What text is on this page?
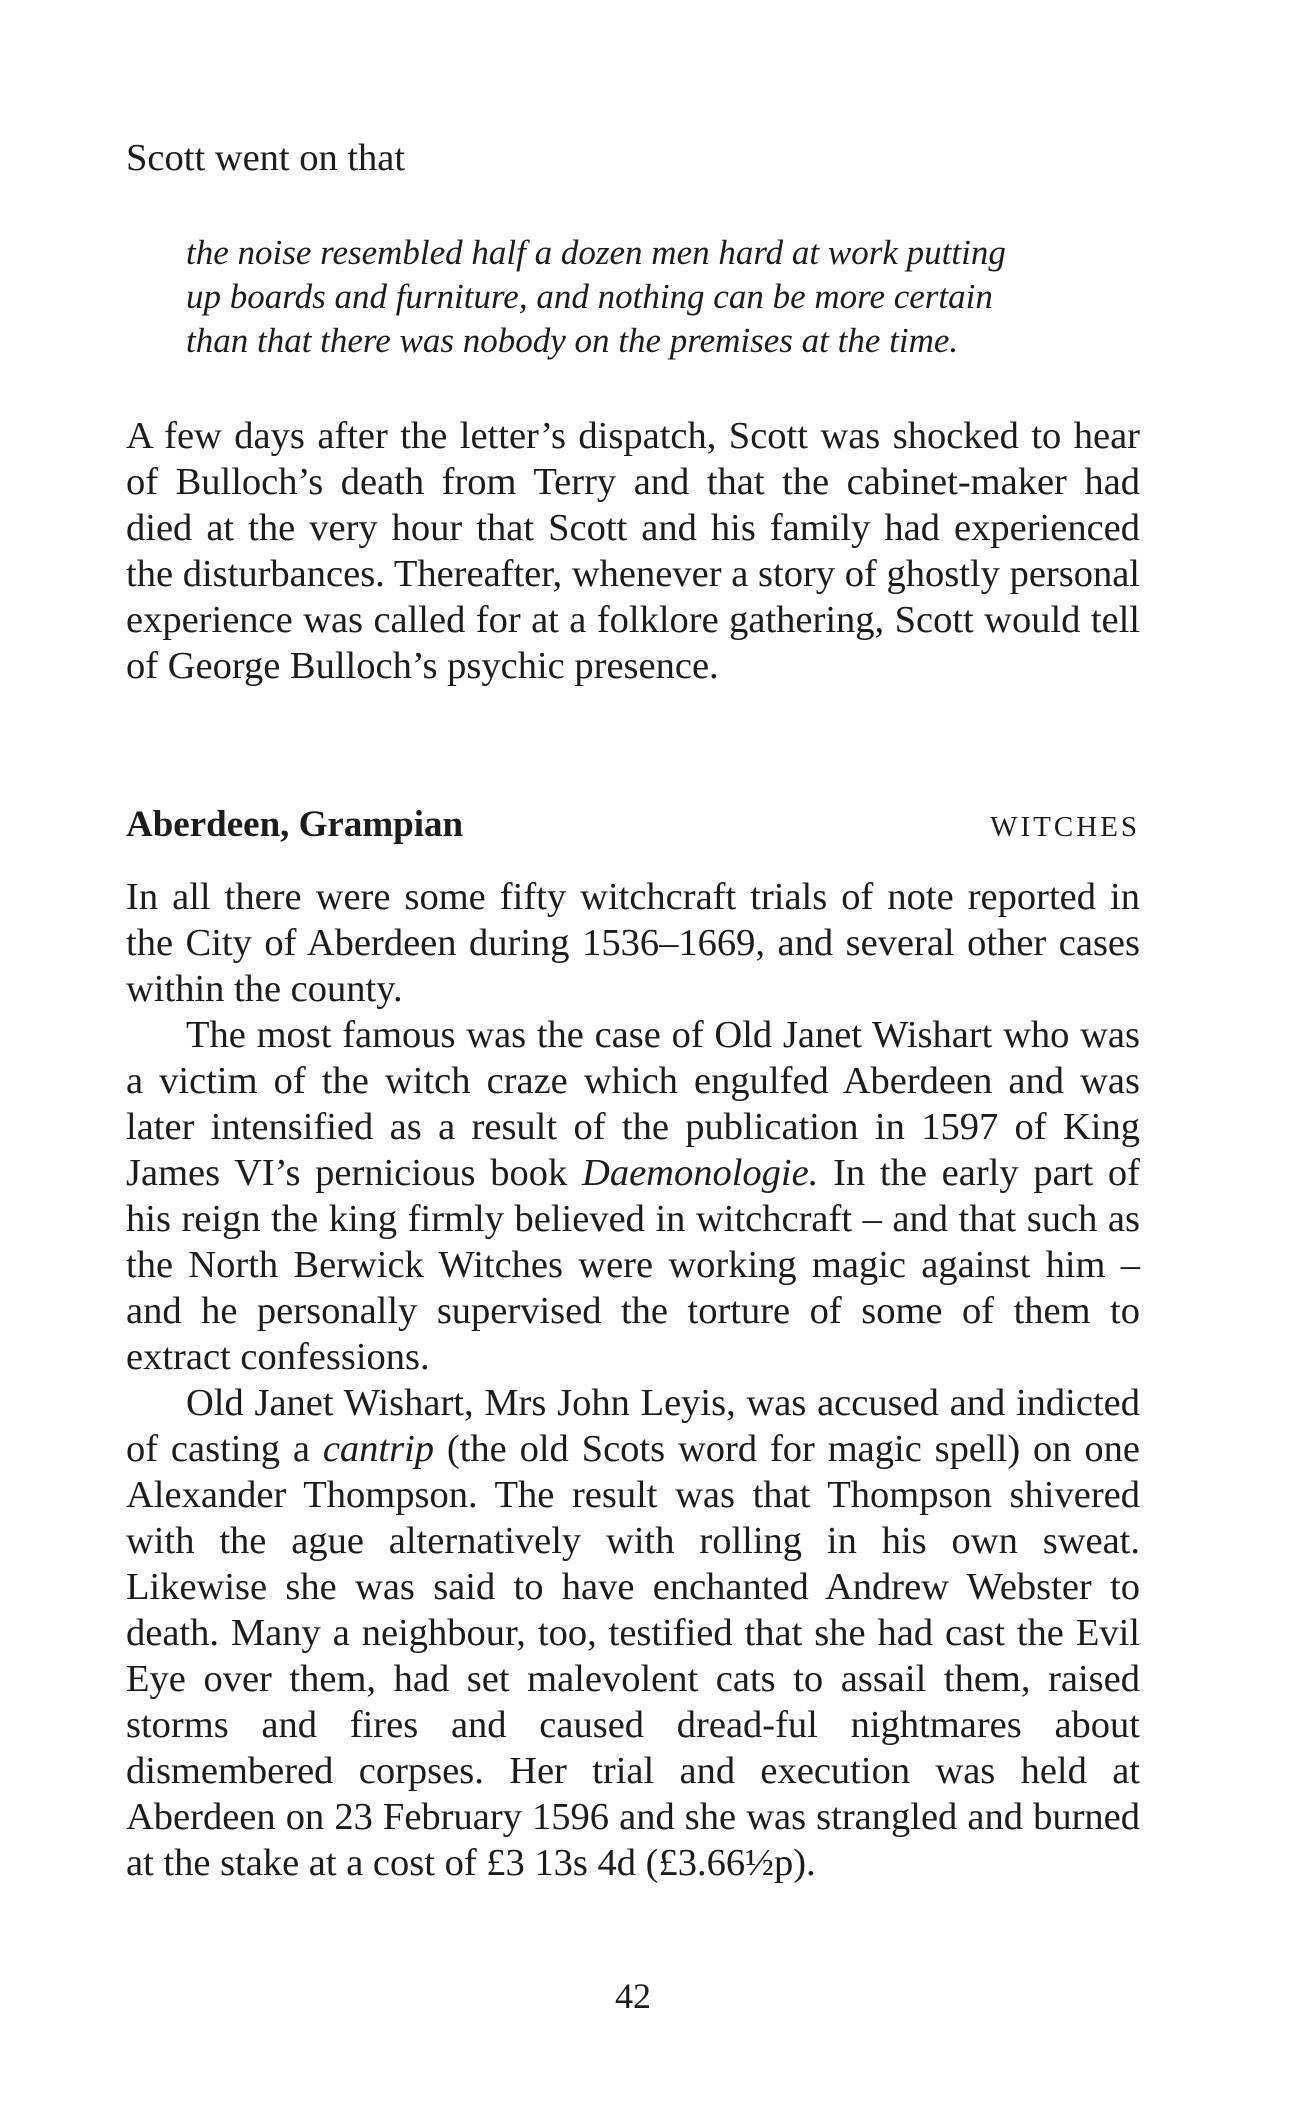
Scott went on that

the noise resembled half a dozen men hard at work putting
up boards and furniture, and nothing can be more certain
than that there was nobody on the premises at the time.

A few days after the letter’s dispatch, Scott was shocked to hear of Bulloch’s death from Terry and that the cabinet-maker had died at the very hour that Scott and his family had experienced the disturbances. Thereafter, whenever a story of ghostly personal experience was called for at a folklore gathering, Scott would tell of George Bulloch’s psychic presence.

Aberdeen, Grampian	WITCHES

In all there were some fifty witchcraft trials of note reported in the City of Aberdeen during 1536–1669, and several other cases within the county.

The most famous was the case of Old Janet Wishart who was a victim of the witch craze which engulfed Aberdeen and was later intensified as a result of the publication in 1597 of King James VI’s pernicious book Daemonologie. In the early part of his reign the king firmly believed in witchcraft – and that such as the North Berwick Witches were working magic against him – and he personally supervised the torture of some of them to extract confessions.

Old Janet Wishart, Mrs John Leyis, was accused and indicted of casting a cantrip (the old Scots word for magic spell) on one Alexander Thompson. The result was that Thompson shivered with the ague alternatively with rolling in his own sweat. Likewise she was said to have enchanted Andrew Webster to death. Many a neighbour, too, testified that she had cast the Evil Eye over them, had set malevolent cats to assail them, raised storms and fires and caused dread-ful nightmares about dismembered corpses. Her trial and execution was held at Aberdeen on 23 February 1596 and she was strangled and burned at the stake at a cost of £3 13s 4d (£3.66½p).

42
